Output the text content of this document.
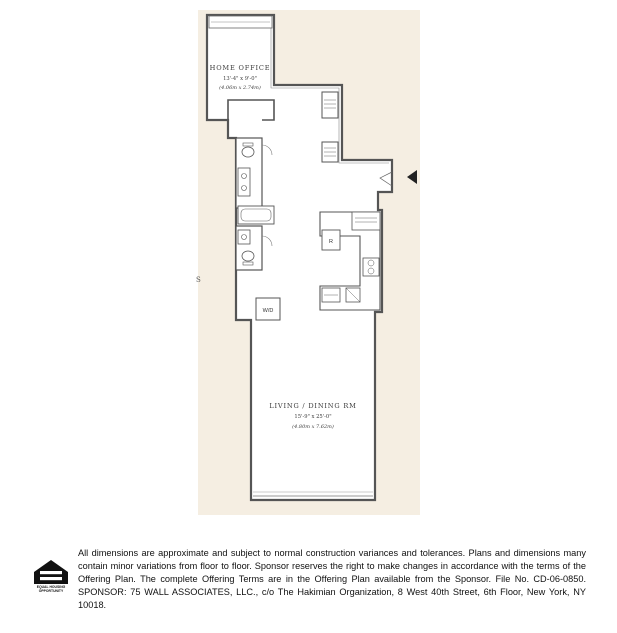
R
W/D
HOME OFFICE
13'-4" x 9'-0"
(4.06m x 2.74m)
LIVING / DINING RM
15'-9" x 25'-0"
(4.80m x 7.62m)
S
EQUAL HOUSING OPPORTUNITY

All dimensions are approximate and subject to normal construction variances and tolerances. Plans and dimensions many contain minor variations from floor to floor. Sponsor reserves the right to make changes in accordance with the terms of the Offering Plan. The complete Offering Terms are in the Offering Plan available from the Sponsor. File No. CD-06-0850. SPONSOR: 75 WALL ASSOCIATES, LLC., c/o The Hakimian Organization, 8 West 40th Street, 6th Floor, New York, NY 10018.
